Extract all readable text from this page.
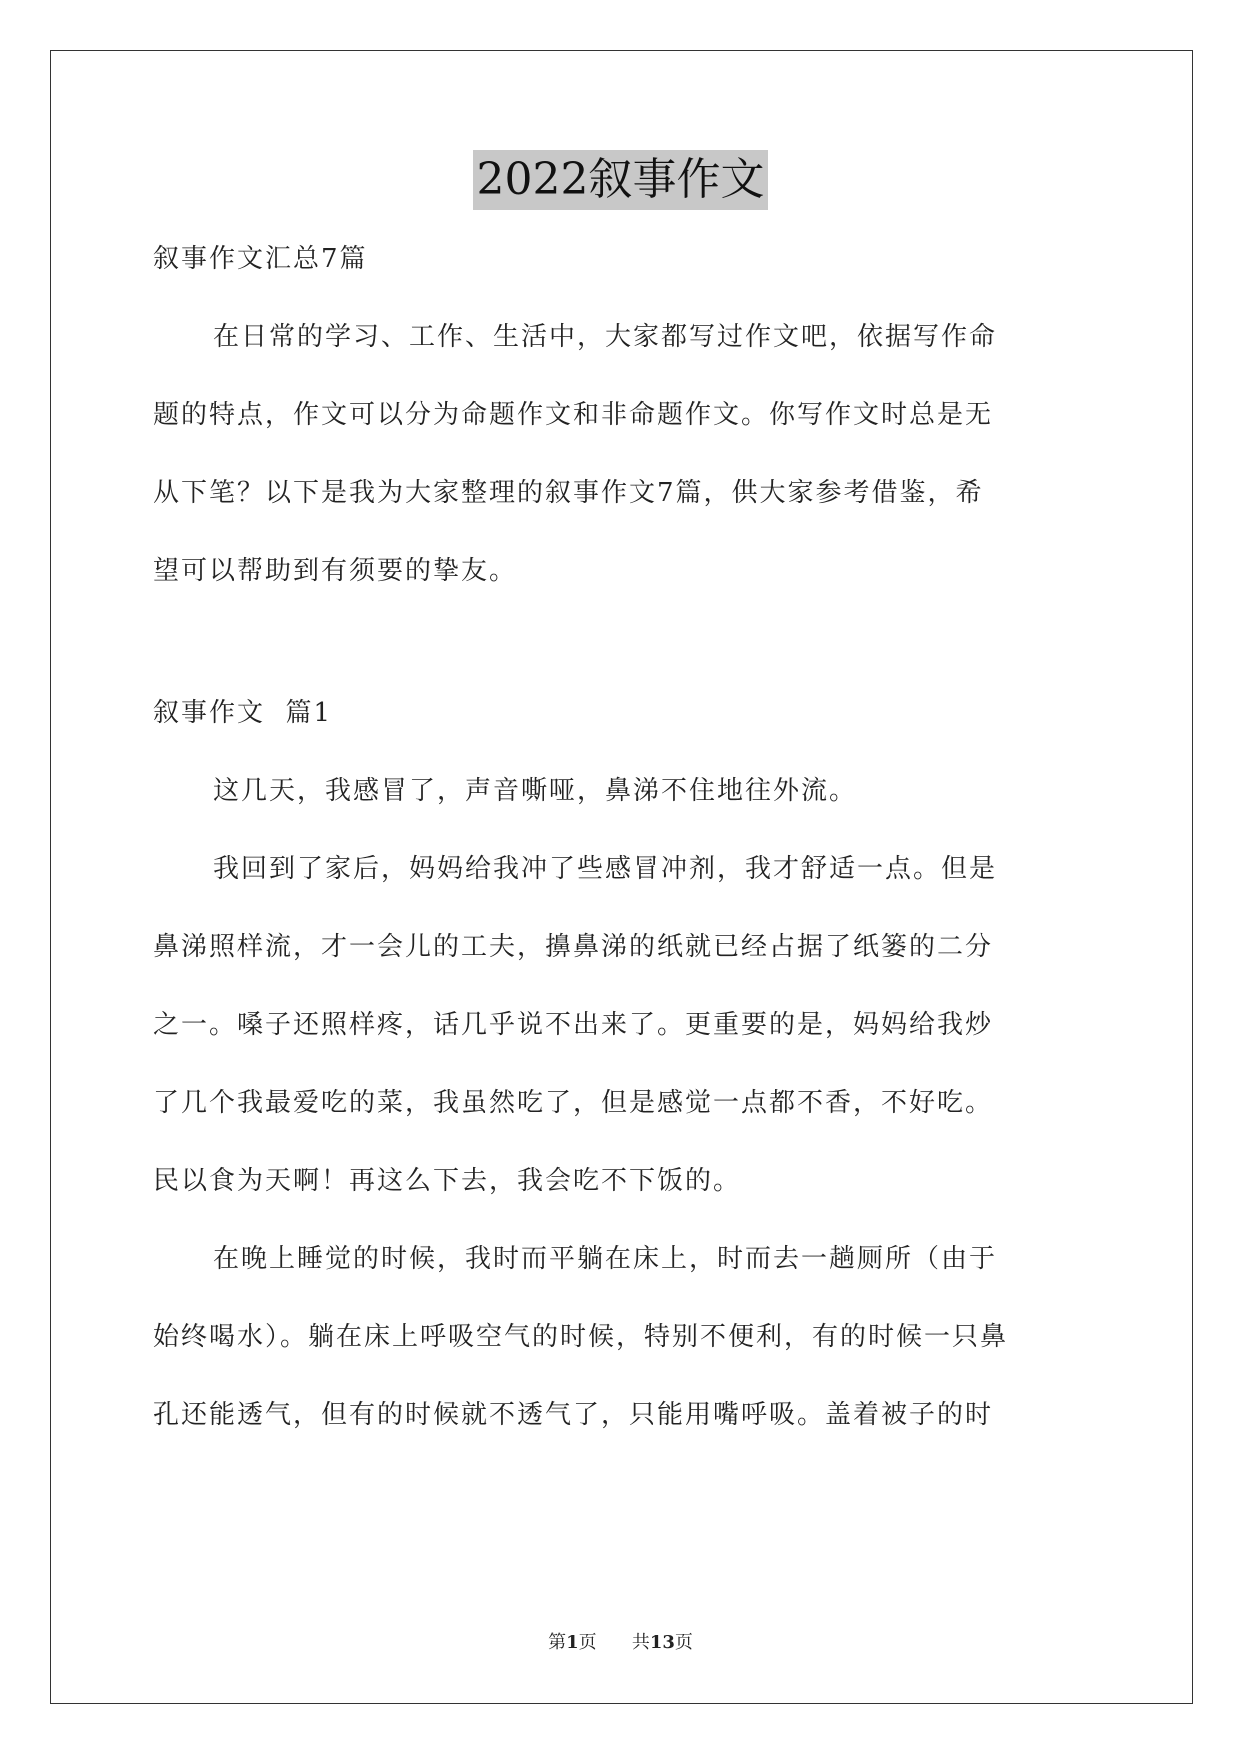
2022叙事作文
叙事作文汇总7篇
在日常的学习、工作、生活中，大家都写过作文吧，依据写作命
题的特点，作文可以分为命题作文和非命题作文。你写作文时总是无
从下笔？以下是我为大家整理的叙事作文7篇，供大家参考借鉴，希
望可以帮助到有须要的挚友。
叙事作文  篇1
这几天，我感冒了，声音嘶哑，鼻涕不住地往外流。
我回到了家后，妈妈给我冲了些感冒冲剂，我才舒适一点。但是
鼻涕照样流，才一会儿的工夫，擤鼻涕的纸就已经占据了纸篓的二分
之一。嗓子还照样疼，话几乎说不出来了。更重要的是，妈妈给我炒
了几个我最爱吃的菜，我虽然吃了，但是感觉一点都不香，不好吃。
民以食为天啊！再这么下去，我会吃不下饭的。
在晚上睡觉的时候，我时而平躺在床上，时而去一趟厕所（由于
始终喝水）。躺在床上呼吸空气的时候，特别不便利，有的时候一只鼻
孔还能透气，但有的时候就不透气了，只能用嘴呼吸。盖着被子的时
第1页 共13页
